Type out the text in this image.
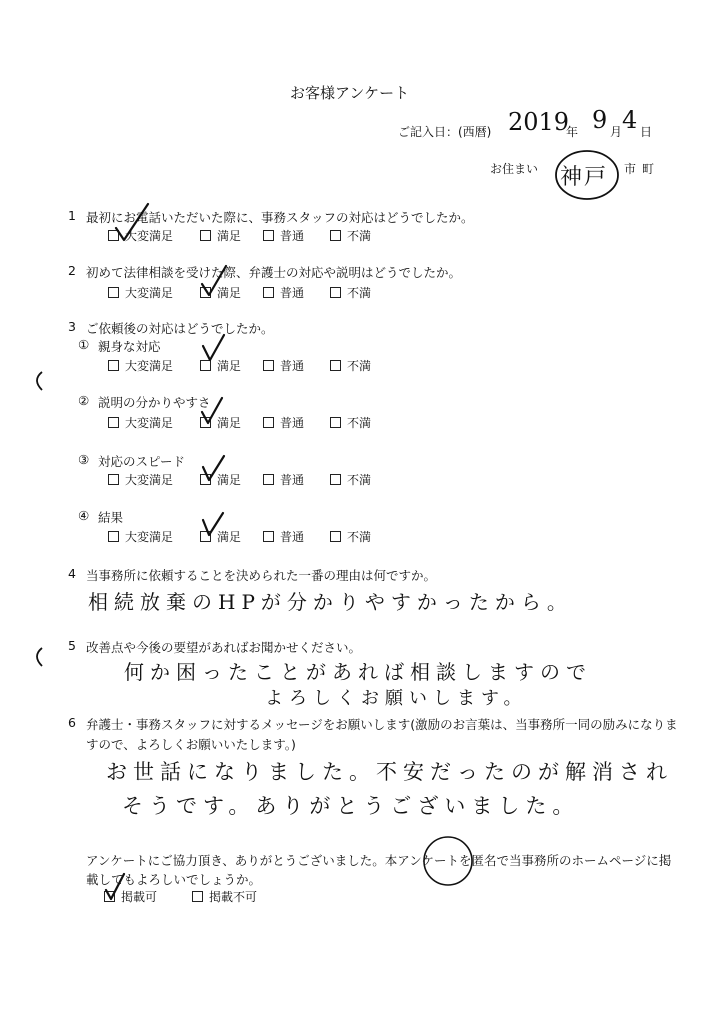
お客様アンケート
ご記入日：(西暦) 2019
年 9 月 4 日
お住まい 神戸 市 町
1 最初にお電話いただいた際に、事務スタッフの対応はどうでしたか。
大変満足	満足	普通	不満
2 初めて法律相談を受けた際、弁護士の対応や説明はどうでしたか。
大変満足	満足	普通	不満
3 ご依頼後の対応はどうでしたか。
① 親身な対応
大変満足	満足	普通	不満
② 説明の分かりやすさ
大変満足	満足	普通	不満
③ 対応のスピード
大変満足	満足	普通	不満
④ 結果
大変満足	満足	普通	不満
4 当事務所に依頼することを決められた一番の理由は何ですか。
相続放棄のHPが分かりやすかったから。
5 改善点や今後の要望があればお聞かせください。
何か困ったことがあれば相談しますので
よろしくお願いします。
6 弁護士・事務スタッフに対するメッセージをお願いします(激励のお言葉は、当事務所一同の励みになりま
すので、よろしくお願いいたします。)
お世話になりました。不安だったのが解消され
そうです。ありがとうございました。
アンケートにご協力頂き、ありがとうございました。本アンケートを匿名で当事務所のホームページに掲
載してもよろしいでしょうか。
掲載可	掲載不可
